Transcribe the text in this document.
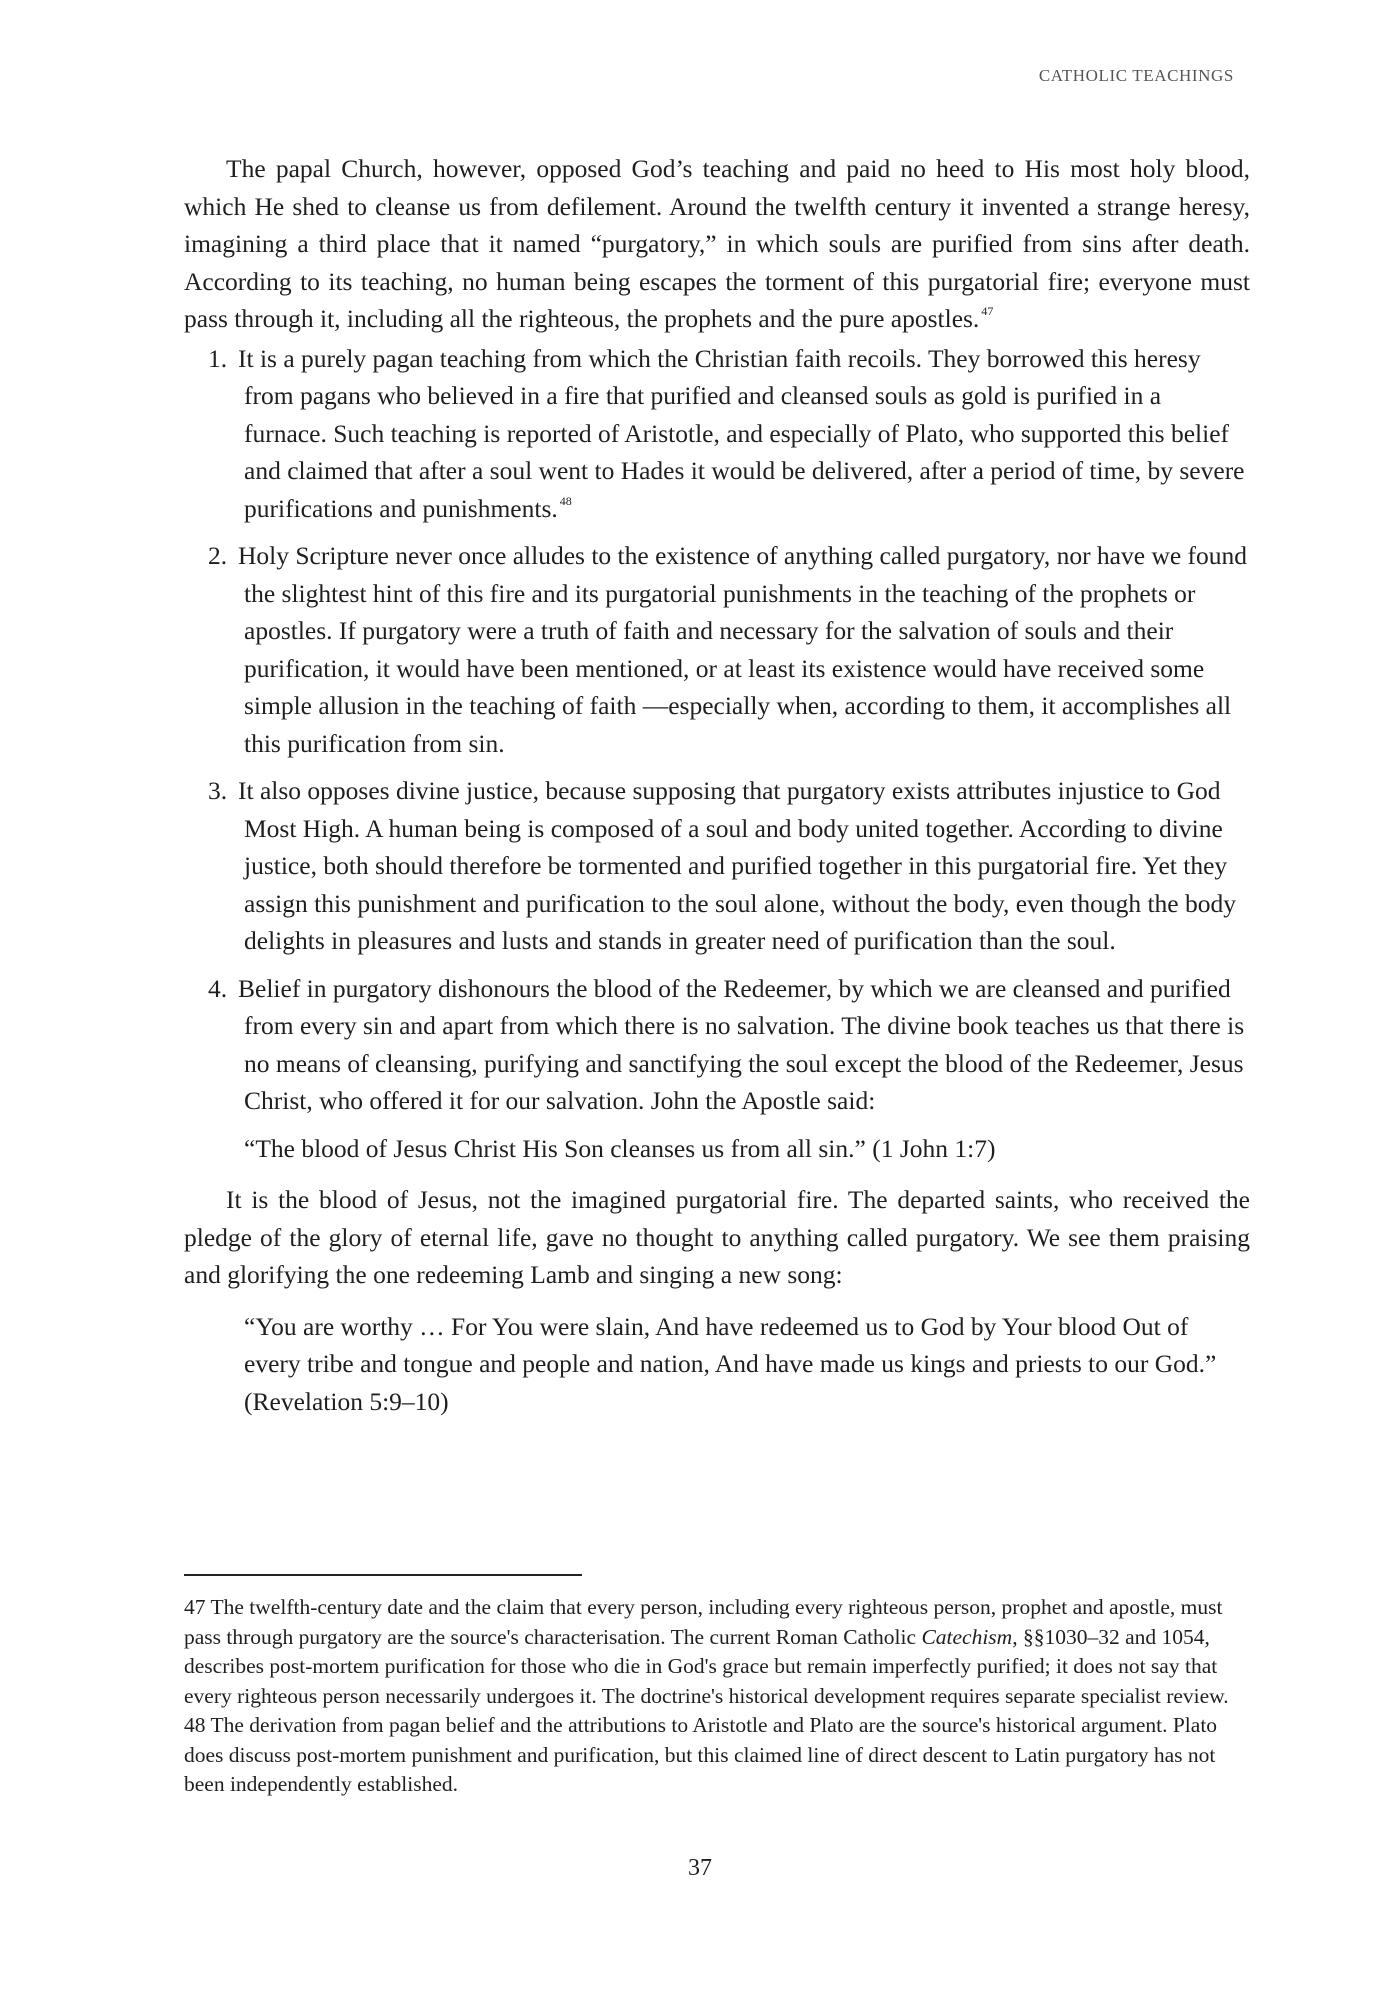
CATHOLIC TEACHINGS

The papal Church, however, opposed God’s teaching and paid no heed to His most holy blood, which He shed to cleanse us from defilement. Around the twelfth century it invented a strange heresy, imagining a third place that it named “purgatory,” in which souls are purified from sins after death. According to its teaching, no human being escapes the torment of this purgatorial fire; everyone must pass through it, including all the righteous, the prophets and the pure apostles. $^{47}$

1. It is a purely pagan teaching from which the Christian faith recoils. They borrowed this heresy from pagans who believed in a fire that purified and cleansed souls as gold is purified in a furnace. Such teaching is reported of Aristotle, and especially of Plato, who supported this belief and claimed that after a soul went to Hades it would be delivered, after a period of time, by severe purifications and punishments. $^{48}$
2. Holy Scripture never once alludes to the existence of anything called purgatory, nor have we found the slightest hint of this fire and its purgatorial punishments in the teaching of the prophets or apostles. If purgatory were a truth of faith and necessary for the salvation of souls and their purification, it would have been mentioned, or at least its existence would have received some simple allusion in the teaching of faith —especially when, according to them, it accomplishes all this purification from sin.
3. It also opposes divine justice, because supposing that purgatory exists attributes injustice to God Most High. A human being is composed of a soul and body united together. According to divine justice, both should therefore be tormented and purified together in this purgatorial fire. Yet they assign this punishment and purification to the soul alone, without the body, even though the body delights in pleasures and lusts and stands in greater need of purification than the soul.
4. Belief in purgatory dishonours the blood of the Redeemer, by which we are cleansed and purified from every sin and apart from which there is no salvation. The divine book teaches us that there is no means of cleansing, purifying and sanctifying the soul except the blood of the Redeemer, Jesus Christ, who offered it for our salvation. John the Apostle said:

“The blood of Jesus Christ His Son cleanses us from all sin.” (1 John 1:7)

It is the blood of Jesus, not the imagined purgatorial fire. The departed saints, who received the pledge of the glory of eternal life, gave no thought to anything called purgatory. We see them praising and glorifying the one redeeming Lamb and singing a new song:

“You are worthy … For You were slain, And have redeemed us to God by Your blood Out of every tribe and tongue and people and nation, And have made us kings and priests to our God.” (Revelation 5:9–10)

47 The twelfth-century date and the claim that every person, including every righteous person, prophet and apostle, must pass through purgatory are the source's characterisation. The current Roman Catholic Catechism, §§1030–32 and 1054, describes post-mortem purification for those who die in God's grace but remain imperfectly purified; it does not say that every righteous person necessarily undergoes it. The doctrine's historical development requires separate specialist review.

48 The derivation from pagan belief and the attributions to Aristotle and Plato are the source's historical argument. Plato does discuss post-mortem punishment and purification, but this claimed line of direct descent to Latin purgatory has not been independently established.

37
